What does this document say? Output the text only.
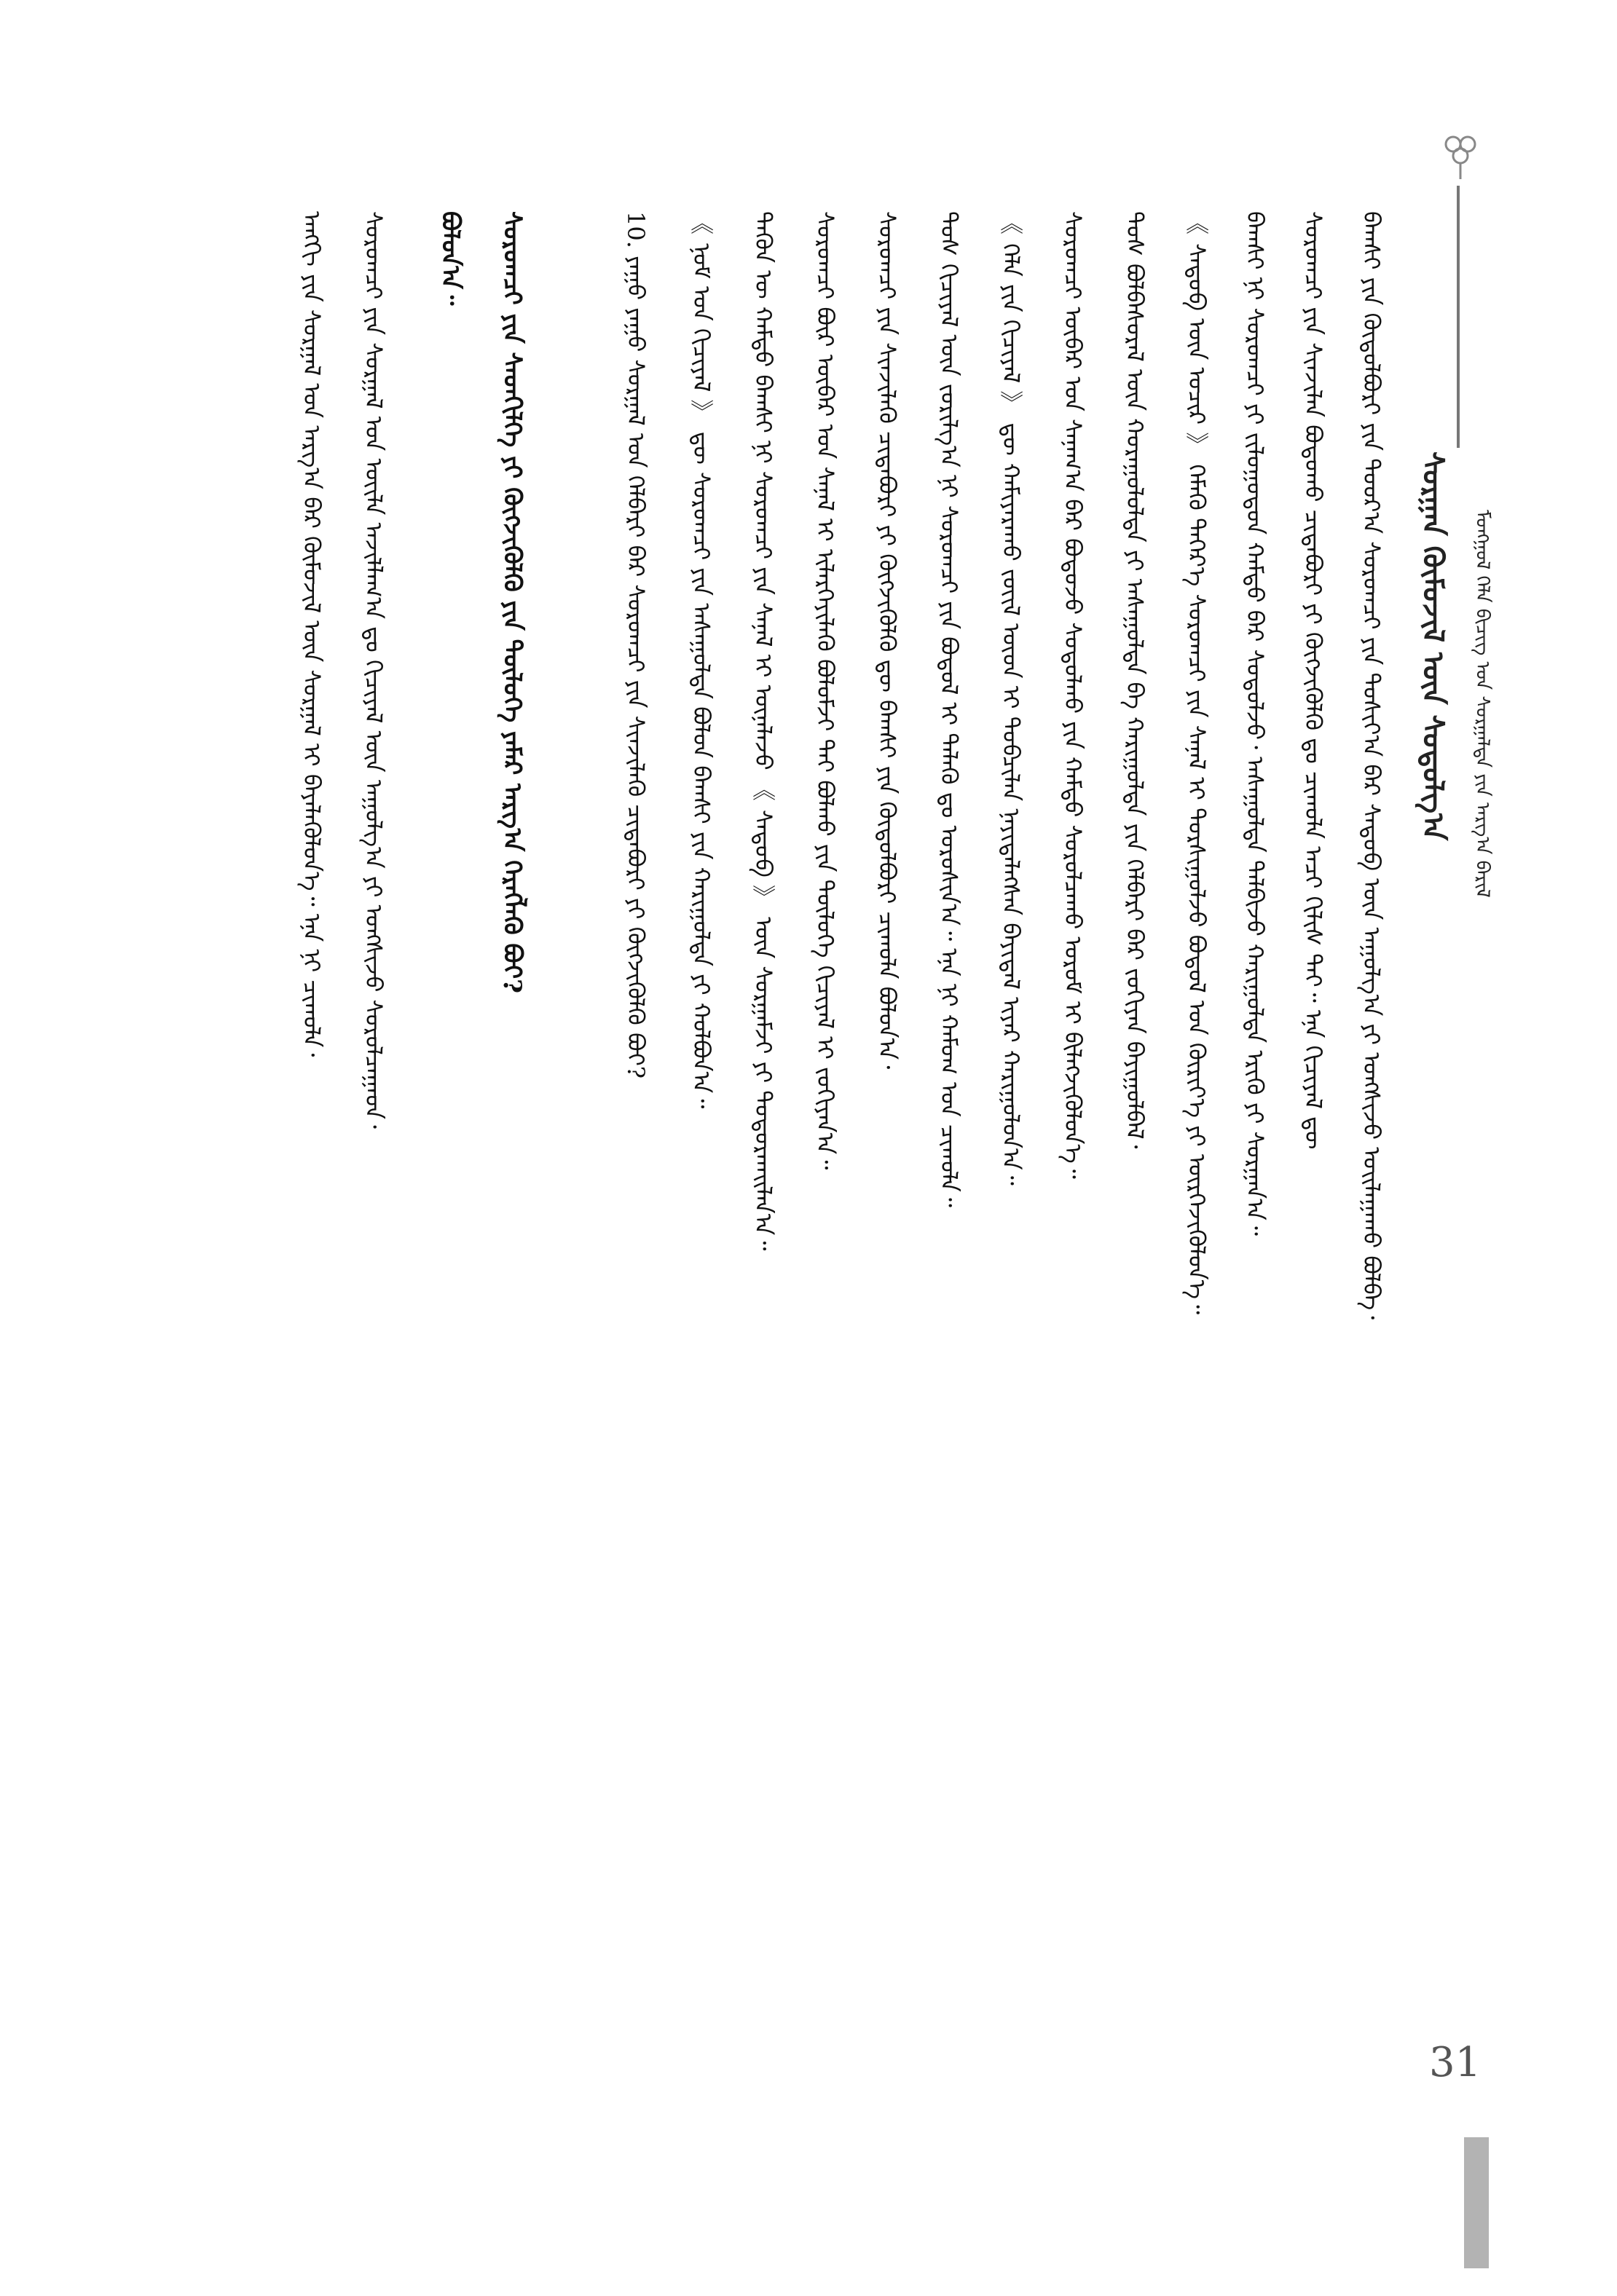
ᠰᠤᠷᠭᠠᠨ ᠬᠦᠮᠦᠵᠢᠯ ᠦᠨ ᠰᠤᠳᠤᠯᠭ᠎ᠠ	ᠮᠣᠩᠭᠣᠯ ᠬᠡᠯᠡ ᠪᠢᠴᠢᠭ᠌ ᠤᠨ ᠰᠤᠷᠭᠠᠯᠲᠠ ᠶᠢᠨ ᠠᠷᠭ᠎ᠠ ᠪᠠᠷᠢᠯ
ᠪᠠᠭᠰᠢ ᠶᠢᠨ ᠬᠦᠲᠦᠯᠪᠦᠷᠢ ᠶᠢᠨ ᠳᠣᠣᠷ᠎ᠠ ᠰᠤᠷᠤᠭᠴᠢ ᠶᠢᠨ ᠲᠤᠰᠢᠶ᠎ᠠ ᠪᠡᠷ ᠰᠡᠳᠦᠪ ᠦᠨ ᠠᠭᠤᠯᠭ᠎ᠠ ᠶᠢ ᠤᠩᠰᠢᠵᠤ ᠣᠢᠯᠠᠭᠠᠬᠤ ᠪᠣᠯᠪᠠ᠂
ᠰᠤᠷᠤᠭᠴᠢ ᠶᠢᠨ ᠰᠢᠨᠵᠢᠯᠡᠨ ᠪᠣᠳᠤᠬᠤ ᠴᠢᠳᠠᠪᠤᠷᠢ ᠶᠢ ᠬᠥᠭᠵᠢᠭᠦᠯᠬᠦ ᠳᠤ ᠴᠢᠬᠤᠯᠠ ᠠᠴᠢ ᠬᠢᠯᠢᠰ ᠲᠠᠢ᠃ ᠡᠨᠡ ᠬᠢᠴᠢᠶᠡᠯ ᠳᠦ
ᠪᠠᠭᠰᠢ ᠨᠢ ᠰᠤᠷᠤᠭᠴᠢ ᠶᠢ ᠵᠢᠯᠣᠭᠣᠳᠤᠨ ᠬᠠᠮᠲᠤ ᠪᠡᠷ ᠰᠣᠳᠤᠯᠵᠤ᠂ ᠠᠰᠠᠭᠤᠯᠲᠠ ᠲᠠᠯᠪᠢᠵᠤ ᠬᠠᠷᠢᠭᠤᠯᠲᠠ ᠡᠷᠢᠬᠦ ᠶᠢ ᠰᠤᠷᠭᠠᠨ᠎ᠠ᠃
《 ᠰᠡᠳᠦᠪ ᠦᠨ ᠤᠴᠢᠷ 》 ᠬᠡᠮᠡᠬᠦ ᠳᠡᠭᠡᠷ᠎ᠡ ᠰᠤᠷᠤᠭᠴᠢ ᠶᠢᠨ ᠰᠠᠨᠠᠯ ᠢ ᠳᠤᠷᠰᠢᠭᠤᠯᠵᠤ ᠪᠣᠳᠤᠯ ᠤᠨ ᠬᠦᠷᠢᠶ᠎ᠡ ᠶᠢ ᠦᠷᠭᠡᠵᠢᠭᠦᠯᠦᠨ᠎ᠡ᠃
ᠲᠤᠰ ᠪᠣᠯᠪᠠᠰᠤᠷᠠᠯ ᠦᠨ ᠬᠤᠷᠠᠭᠤᠯᠤᠯᠲᠠ ᠶᠢ ᠠᠰᠠᠭᠤᠯᠲᠠ ᠪᠠ ᠬᠠᠷᠢᠭᠤᠯᠲᠠ ᠶᠢᠨ ᠬᠡᠯᠪᠡᠷᠢ ᠪᠡᠷ ᠵᠣᠬᠢᠶᠠᠨ ᠪᠠᠶᠢᠭᠤᠯᠪᠠᠯ᠂
ᠰᠤᠷᠤᠭᠴᠢ ᠦᠪᠡᠷ ᠤᠨ ᠰᠠᠨᠠᠭ᠎ᠠ ᠪᠡᠷ ᠪᠣᠳᠤᠵᠤ ᠰᠣᠳᠤᠯᠬᠤ ᠶᠢᠨ ᠬᠠᠮᠲᠤ ᠰᠤᠷᠤᠯᠴᠠᠬᠤ ᠤᠷᠤᠮ ᠢ ᠪᠢᠯᠡᠭᠵᠢᠭᠦᠯᠦᠨ᠎ᠡ᠃
《 ᠬᠡᠯᠡ ᠶᠢᠨ ᠬᠢᠴᠢᠶᠡᠯ 》 ᠳᠦ ᠬᠠᠮᠢᠶᠠᠷᠠᠬᠤ ᠵᠦᠢᠯ ᠦᠳ ᠢ ᠲᠣᠪᠴᠢᠯᠠᠨ ᠨᠡᠶᠢᠲᠡᠯᠡᠭᠰᠡᠨ ᠪᠠᠶᠢᠳᠠᠯ ᠢᠶᠠᠷ ᠬᠠᠷᠢᠭᠤᠯᠤᠨ᠎ᠠ᠃
ᠲᠤᠰ ᠬᠢᠴᠢᠶᠡᠯ ᠦᠨ ᠵᠣᠷᠢᠯᠭ᠎ᠠ ᠨᠢ ᠰᠤᠷᠤᠭᠴᠢ ᠶᠢᠨ ᠪᠣᠳᠤᠯ ᠢ ᠲᠡᠯᠡᠬᠦ ᠳᠤ ᠣᠷᠣᠰᠢᠨ᠎ᠠ᠃ ᠡᠨᠡ ᠨᠢ ᠬᠠᠮᠤᠭ ᠤᠨ ᠴᠢᠬᠤᠯᠠ᠃
ᠰᠤᠷᠤᠭᠴᠢ ᠶᠢᠨ ᠰᠢᠨᠵᠢᠯᠡᠬᠦ ᠴᠢᠳᠠᠪᠤᠷᠢ ᠶᠢ ᠬᠥᠭᠵᠢᠭᠦᠯᠬᠦ ᠳᠦ ᠪᠠᠭᠰᠢ ᠶᠢᠨ ᠬᠦᠲᠦᠯᠪᠦᠷᠢ ᠴᠢᠬᠤᠯᠠ ᠪᠣᠯᠤᠨ᠎ᠠ᠂
ᠰᠤᠷᠤᠭᠴᠢ ᠪᠦᠷ ᠦᠪᠡᠷ ᠤᠨ ᠰᠠᠨᠠᠯ ᠢ ᠢᠯᠡᠷᠬᠡᠶᠢᠯᠡᠬᠦ ᠪᠣᠯᠤᠮᠵᠢ ᠲᠠᠢ ᠪᠣᠯᠬᠤ ᠶᠢᠨ ᠲᠥᠯᠦᠭᠡ ᠬᠢᠴᠢᠶᠡᠯ ᠢ ᠵᠣᠬᠢᠶᠠᠨ᠎ᠠ᠃
ᠲᠡᠭᠦᠨ ᠦ ᠬᠠᠮᠲᠤ ᠪᠠᠭᠰᠢ ᠨᠢ ᠰᠤᠷᠤᠭᠴᠢ ᠶᠢᠨ ᠰᠠᠨᠠᠯ ᠢ ᠦᠨᠡᠯᠡᠵᠦ 《 ᠰᠡᠳᠦᠪ 》 ᠦᠨ ᠰᠤᠷᠭᠠᠮᠵᠢ ᠶᠢ ᠲᠣᠳᠣᠷᠬᠠᠢᠯᠠᠨ᠎ᠠ᠃
《 ᠨᠣᠮ ᠤᠨ ᠬᠢᠴᠢᠶᠡᠯ 》 ᠳᠦ ᠰᠤᠷᠤᠭᠴᠢ ᠶᠢᠨ ᠠᠰᠠᠭᠤᠯᠲᠠ ᠪᠣᠯᠤᠨ ᠪᠠᠭᠰᠢ ᠶᠢᠨ ᠬᠠᠷᠢᠭᠤᠯᠲᠠ ᠶᠢ ᠬᠣᠯᠪᠣᠨ᠎ᠠ᠃
10. ᠶᠠᠭᠤ ᠶᠠᠭᠤ ᠰᠤᠷᠭᠠᠯ ᠤᠨ ᠬᠡᠯᠪᠡᠷᠢ ᠪᠠᠷ ᠰᠤᠷᠤᠭᠴᠢ ᠶᠢᠨ ᠰᠢᠨᠵᠢᠯᠡᠬᠦ ᠴᠢᠳᠠᠪᠤᠷᠢ ᠶᠢ ᠬᠥᠭᠵᠢᠭᠦᠯᠬᠦ ᠪᠤᠢ?
ᠰᠤᠷᠤᠭᠴᠢ ᠶᠢᠨ ᠰᠡᠳᠬᠢᠯᠭᠡ ᠶᠢ ᠬᠥᠭᠵᠢᠭᠦᠯᠬᠦ ᠶᠢᠨ ᠲᠥᠯᠦᠭᠡ ᠶᠠᠮᠠᠷ ᠠᠷᠭ᠎ᠠ ᠬᠡᠷᠡᠭᠯᠡᠬᠦ ᠪᠤᠢ?
ᠪᠣᠯᠤᠨ᠎ᠠ᠃
ᠰᠤᠷᠤᠭᠴᠢ ᠶᠢᠨ ᠰᠤᠷᠭᠠᠯ ᠤᠨ ᠦᠢᠯᠡ ᠠᠵᠢᠯᠯᠠᠭ᠎ᠠ ᠳᠤ ᠬᠢᠴᠢᠶᠡᠯ ᠦᠨ ᠠᠭᠤᠯᠭ᠎ᠠ ᠶᠢ ᠤᠩᠰᠢᠵᠤ ᠰᠤᠷᠤᠯᠴᠠᠭᠠᠳ᠂
ᠠᠩᠭᠢ ᠶᠢᠨ ᠰᠤᠷᠭᠠᠯ ᠤᠨ ᠠᠷᠭ᠎ᠠ ᠪᠠᠷ ᠬᠦᠮᠦᠵᠢᠯ ᠦᠨ ᠰᠤᠷᠭᠠᠯ ᠢ ᠪᠡᠶᠡᠯᠡᠭᠦᠯᠦᠨ᠎ᠡ᠃ ᠡᠨᠡ ᠨᠢ ᠴᠢᠬᠤᠯᠠ᠂
31
